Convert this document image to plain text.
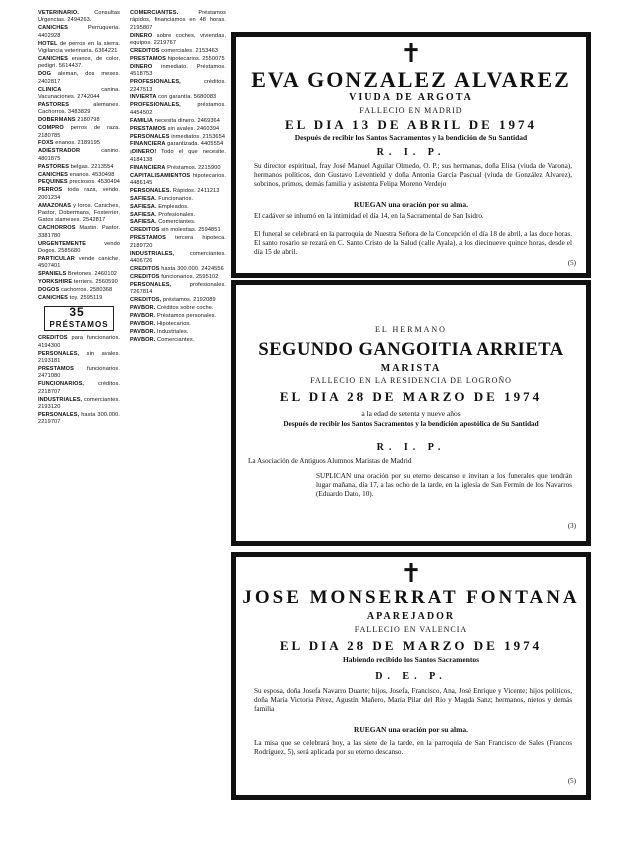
VETERINARIO.	Consultas Urgencias. 2494263.

CANICHES	Perruqueria. 4402928

HOTEL de perros en la sierra. Vigilancia veterinaria. 6364221

CANICHES enanos, de color, pedigri. 5614437.

DOG aleman, dos meses. 2402817

CLINICA	canina. Vacunaciones. 2742044

PASTORES	alemanes. Cachorros. 3483829

DOBERMANS 2180798

COMPRO perros de raza. 2180785

FOXS enanos. 2189195

ADIESTRADOR	canino. 4801875

PASTORES belgas. 2213554

CANICHES enanos. 4530498

PEQUINES preciosos. 4530494

PERROS toda raza, vendo. 2001234

AMAZONAS y loros. Caniches, Pastor, Dobermans, Foxterrier, Gatos siameses. 2542817

CACHORROS Mastin. Pastor. 3381780

URGENTEMENTE	vendo Dogos. 2585680

PARTICULAR vende caniche. 4507401

SPANIELS Bretones. 2460102

YORKSHIRE terriers. 2560590

DOGOS cachorros. 2580368

CANICHES toy. 2595119

35 PRÉSTAMOS

CREDITOS para funcionarios. 4194300

PERSONALES, sin avales. 2193181

PRESTAMOS funcionarios. 2471080

FUNCIONARIOS, créditos. 2218707

INDUSTRIALES, comerciantes. 2193120

PERSONALES, hasta 300.000. 2219707

COMERCIANTES.	Préstamos rápidos, financiamos en 48 horas. 2195807

DINERO sobre coches, viviendas, equipos. 2219767

CREDITOS comerciales. 2153463

PRESTAMOS hipotecarios. 2550075

DINERO inmediato. Préstamos. 4518753

PROFESIONALES,	créditos. 2247513

INVIERTA con garantía. 5680083

PROFESIONALES,	préstamos. 4454502

FAMILIA necesita dinero. 2469364

PRESTAMOS sin avales. 2460394

PERSONALES inmediatos. 2153654

FINANCIERA garantizada. 4405554

¡DINERO! Todo el que necesite. 4184138

FINANCIERA Préstamos. 2215900

CAPITALISAMIENTOS hipotecarios. 4486145

PERSONALES. Rápidos. 2411213

SAFIESA. Funcionarios.

SAFIESA. Empleados.

SAFIESA. Profesionales.

SAFIESA. Comerciantes.

CREDITOS sin molestias. 2594851

PRESTAMOS tercera hipoteca. 2189720

INDUSTRIALES,	comerciantes. 4406726

CREDITOS hasta 300.000. 2424556

CREDITOS funcionarios. 2595102

PERSONALES,	profesionales. 7267814

CREDITOS, préstamos. 2192089

PAVBOR. Créditos sobre coche.

PAVBOR. Préstamos personales.

PAVBOR. Hipotecarios.

PAVBOR. Industriales.

PAVBOR. Comerciantes.

✝
EVA GONZALEZ ALVAREZ
VIUDA DE ARGOTA
FALLECIO EN MADRID
EL DIA 13 DE ABRIL DE 1974
Después de recibir los Santos Sacramentos y la bendición de Su Santidad
R. I. P.
Su director espiritual, fray José Manuel Aguilar Olmedo, O. P.; sus hermanas, doña Elisa (viuda de Varona), hermanos políticos, don Gustavo Leventield y doña Antonia García Pascual (viuda de González Alvarez), sobrinos, primos, demás familia y asistenta Felipa Moreno Verdejo
RUEGAN una oración por su alma.
El cadáver se inhumó en la intimidad el día 14, en la Sacramental de San Isidro.
El funeral se celebrará en la parroquia de Nuestra Señora de la Concepción el día 18 de abril, a las doce horas. El santo rosario se rezará en C. Santo Cristo de la Salud (calle Ayala), a los diecinueve quince horas, desde el día 15 de abril.
(5)
EL HERMANO
SEGUNDO GANGOITIA ARRIETA
MARISTA
FALLECIO EN LA RESIDENCIA DE LOGROÑO
EL DIA 28 DE MARZO DE 1974
a la edad de setenta y nueve años
Después de recibir los Santos Sacramentos y la bendición apostólica de Su Santidad
R. I. P.
La Asociación de Antiguos Alumnos Maristas de Madrid
SUPLICAN una oración por su eterno descanso e invitan a los funerales que tendrán lugar mañana, día 17, a las ocho de la tarde, en la iglesia de San Fermín de los Navarros (Eduardo Dato, 10).
(3)
✝
JOSE MONSERRAT FONTANA
APAREJADOR
FALLECIO EN VALENCIA
EL DIA 28 DE MARZO DE 1974
Habiendo recibido los Santos Sacramentos
D. E. P.
Su esposa, doña Josefa Navarro Duarte; hijos, Josefa, Francisco, Ana, José Enrique y Vicente; hijos políticos, doña María Victoria Pérez, Agustín Mañero, María Pilar del Río y Magda Sanz; hermanos, nietos y demás familia
RUEGAN una oración por su alma.
La misa que se celebrará hoy, a las siete de la tarde, en la parroquia de San Francisco de Sales (Francos Rodríguez, 5), será aplicada por su eterno descanso.
(5)
